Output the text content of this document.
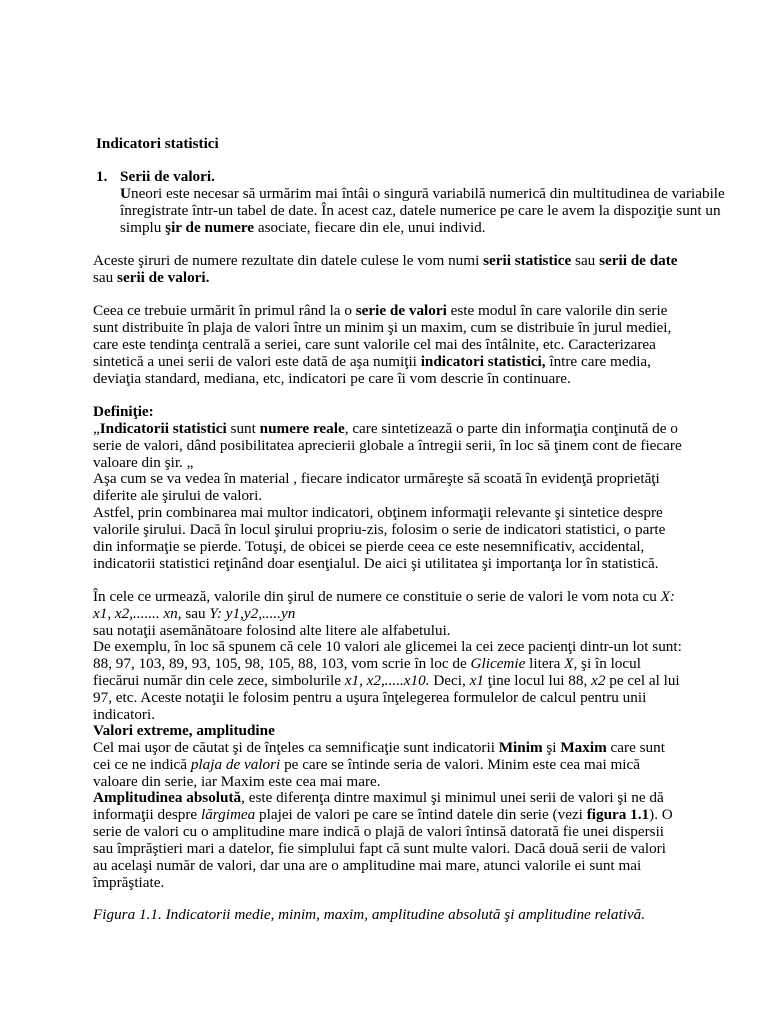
Indicatori statistici
1. Serii de valori.

Uneori este necesar să urmărim mai întâi o singură variabilă numerică din multitudinea de variabile înregistrate într-un tabel de date. În acest caz, datele numerice pe care le avem la dispoziţie sunt un simplu şir de numere asociate, fiecare din ele, unui individ.

Aceste şiruri de numere rezultate din datele culese le vom numi serii statistice sau serii de date sau serii de valori.

Ceea ce trebuie urmărit în primul rând la o serie de valori este modul în care valorile din serie sunt distribuite în plaja de valori între un minim şi un maxim, cum se distribuie în jurul mediei, care este tendinţa centrală a seriei, care sunt valorile cel mai des întâlnite, etc. Caracterizarea sintetică a unei serii de valori este dată de aşa numiţii indicatori statistici, între care media, deviaţia standard, mediana, etc, indicatori pe care îi vom descrie în continuare.

Definiţie:

„Indicatorii statistici sunt numere reale, care sintetizează o parte din informaţia conţinută de o serie de valori, dând posibilitatea aprecierii globale a întregii serii, în loc să ţinem cont de fiecare valoare din şir. „

Aşa cum se va vedea în material , fiecare indicator urmăreşte să scoată în evidenţă proprietăţi diferite ale şirului de valori.

Astfel, prin combinarea mai multor indicatori, obţinem informaţii relevante şi sintetice despre valorile şirului. Dacă în locul şirului propriu-zis, folosim o serie de indicatori statistici, o parte din informaţie se pierde. Totuşi, de obicei se pierde ceea ce este nesemnificativ, accidental, indicatorii statistici reţinând doar esenţialul. De aici şi utilitatea şi importanţa lor în statistică.

În cele ce urmează, valorile din şirul de numere ce constituie o serie de valori le vom nota cu X: x1, x2,....... xn, sau Y: y1,y2,.....yn
sau notaţii asemănătoare folosind alte litere ale alfabetului.

De exemplu, în loc să spunem că cele 10 valori ale glicemei la cei zece pacienţi dintr-un lot sunt: 88, 97, 103, 89, 93, 105, 98, 105, 88, 103, vom scrie în loc de Glicemie litera X, şi în locul fiecărui număr din cele zece, simbolurile x1, x2,.....x10. Deci, x1 ţine locul lui 88, x2 pe cel al lui 97, etc. Aceste notaţii le folosim pentru a uşura înţelegerea formulelor de calcul pentru unii indicatori.

Valori extreme, amplitudine

Cel mai uşor de căutat şi de înţeles ca semnificaţie sunt indicatorii Minim şi Maxim care sunt cei ce ne indică plaja de valori pe care se întinde seria de valori. Minim este cea mai mică valoare din serie, iar Maxim este cea mai mare.

Amplitudinea absolută, este diferenţa dintre maximul şi minimul unei serii de valori şi ne dă informaţii despre lărgimea plajei de valori pe care se întind datele din serie (vezi figura 1.1). O serie de valori cu o amplitudine mare indică o plajă de valori întinsă datorată fie unei dispersii sau împrăştieri mari a datelor, fie simplului fapt că sunt multe valori. Dacă două serii de valori au acelaşi număr de valori, dar una are o amplitudine mai mare, atunci valorile ei sunt mai împrăştiate.

Figura 1.1. Indicatorii medie, minim, maxim, amplitudine absolută şi amplitudine relativă.
